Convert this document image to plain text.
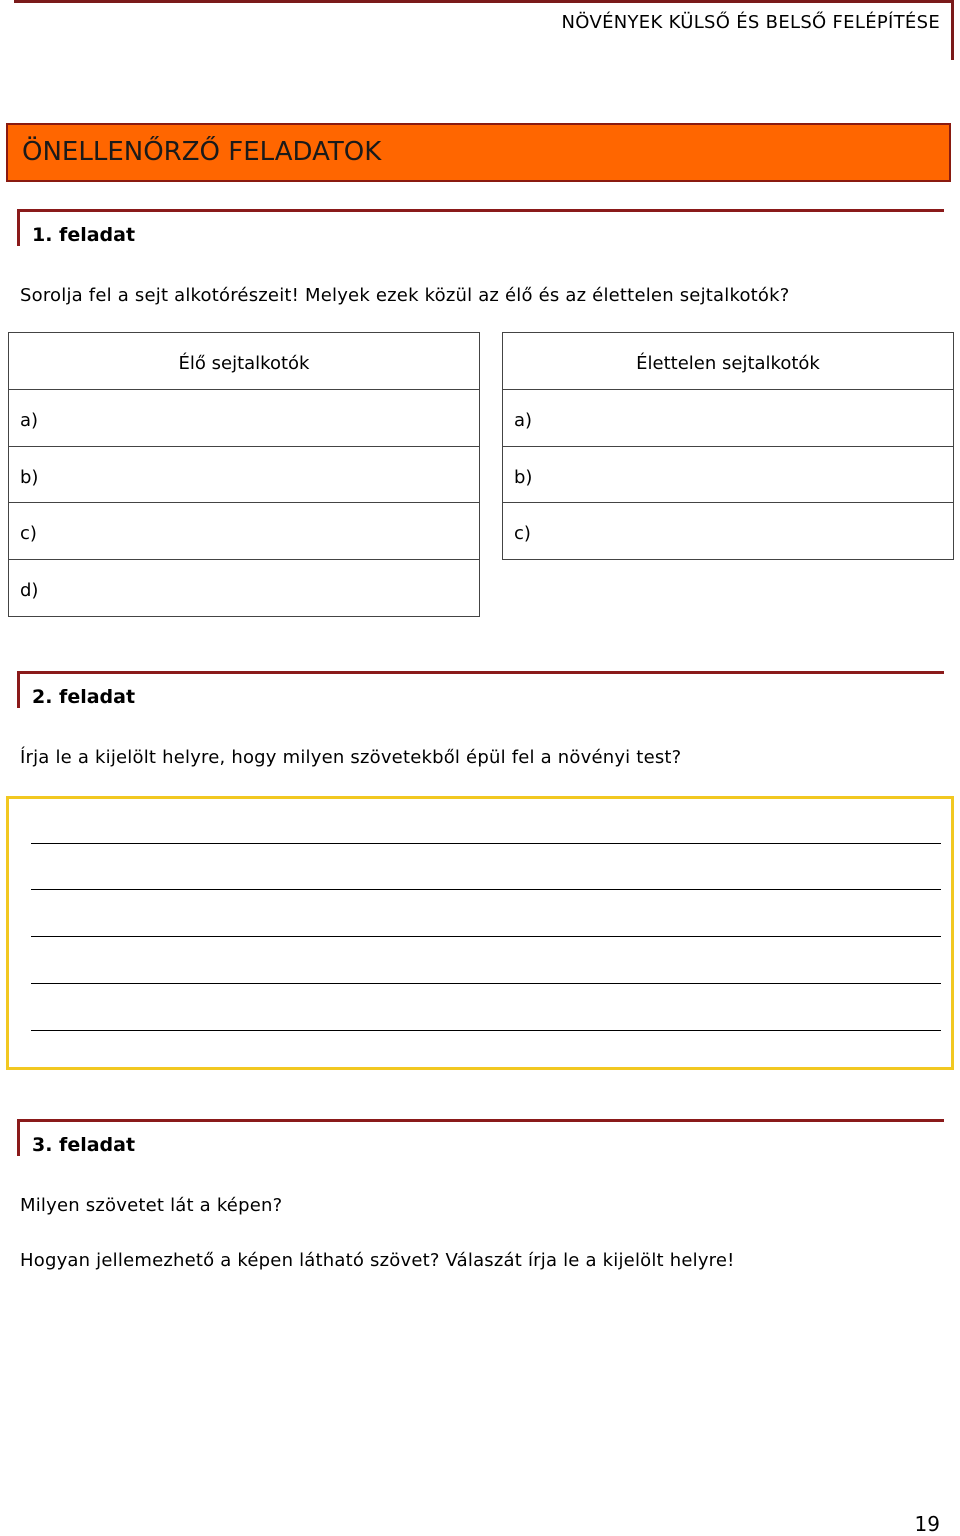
NÖVÉNYEK KÜLSŐ ÉS BELSŐ FELÉPÍTÉSE
ÖNELLENŐRZŐ FELADATOK
1. feladat
Sorolja fel a sejt alkotórészeit! Melyek ezek közül az élő és az élettelen sejtalkotók?
Élő sejtalkotók
a)
b)
c)
d)
Élettelen sejtalkotók
a)
b)
c)
2. feladat
Írja le a kijelölt helyre, hogy milyen szövetekből épül fel a növényi test?
3. feladat
Milyen szövetet lát a képen?
Hogyan jellemezhető a képen látható szövet? Válaszát írja le a kijelölt helyre!
19
